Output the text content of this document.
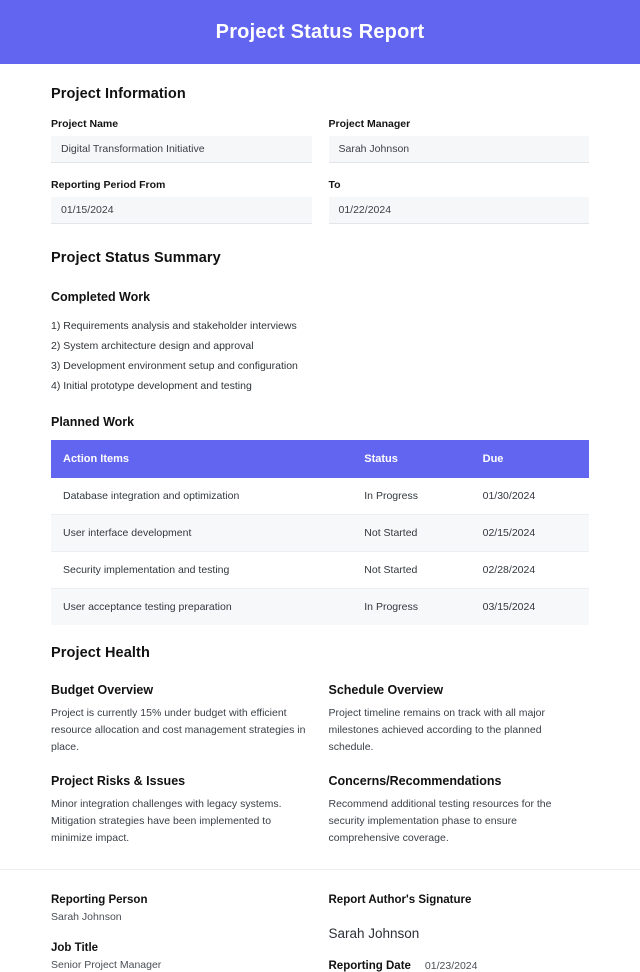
Project Status Report
Project Information
Project Name
Digital Transformation Initiative
Project Manager
Sarah Johnson
Reporting Period From
01/15/2024
To
01/22/2024
Project Status Summary
Completed Work
1) Requirements analysis and stakeholder interviews
2) System architecture design and approval
3) Development environment setup and configuration
4) Initial prototype development and testing
Planned Work
Action Items	Status	Due
Database integration and optimization	In Progress	01/30/2024
User interface development	Not Started	02/15/2024
Security implementation and testing	Not Started	02/28/2024
User acceptance testing preparation	In Progress	03/15/2024
Project Health
Budget Overview
Project is currently 15% under budget with efficient resource allocation and cost management strategies in place.
Project Risks & Issues
Minor integration challenges with legacy systems. Mitigation strategies have been implemented to minimize impact.
Schedule Overview
Project timeline remains on track with all major milestones achieved according to the planned schedule.
Concerns/Recommendations
Recommend additional testing resources for the security implementation phase to ensure comprehensive coverage.
Reporting Person
Sarah Johnson
Job Title
Senior Project Manager
Report Author's Signature
Sarah Johnson
Reporting Date 01/23/2024
